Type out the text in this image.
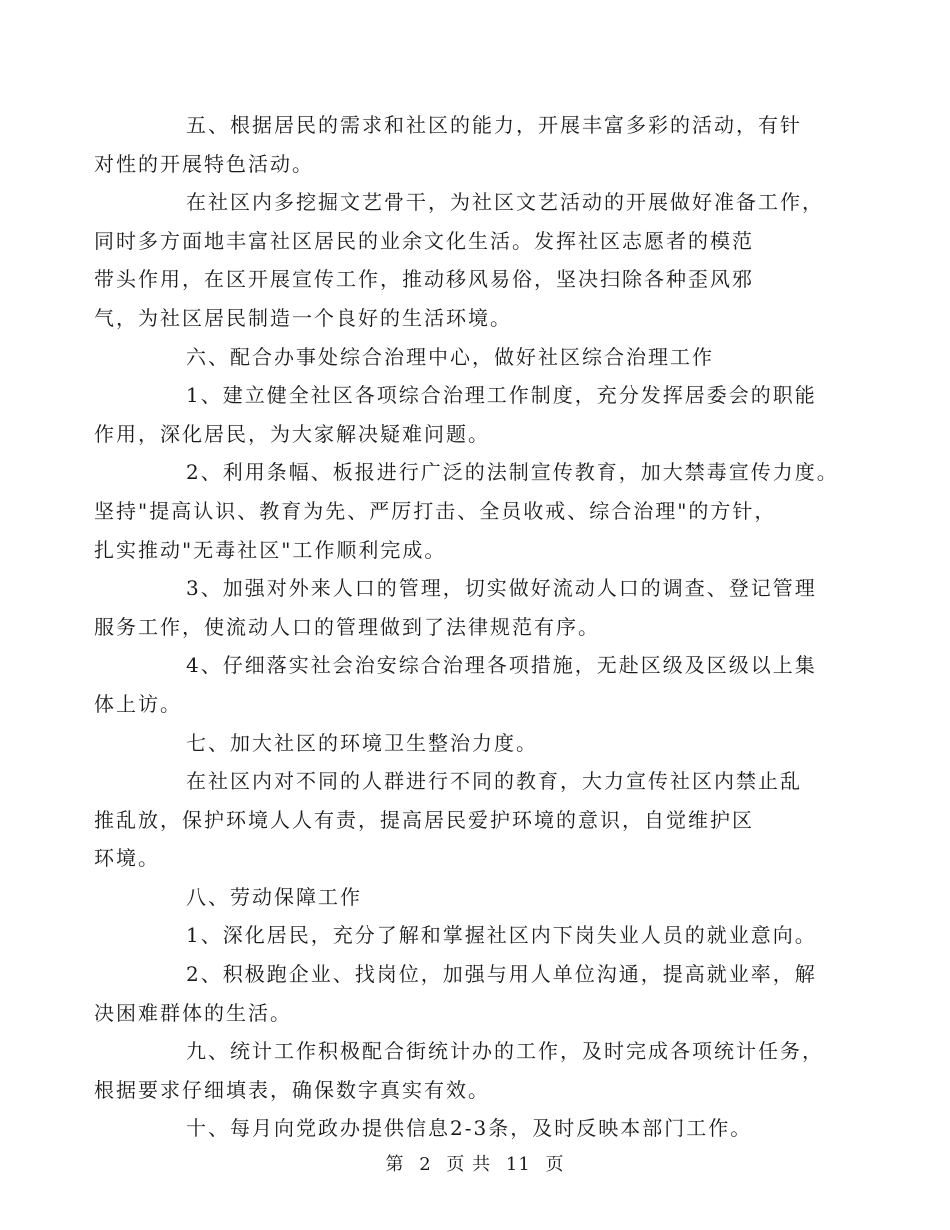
五、根据居民的需求和社区的能力，开展丰富多彩的活动，有针
对性的开展特色活动。

在社区内多挖掘文艺骨干，为社区文艺活动的开展做好准备工作，
同时多方面地丰富社区居民的业余文化生活。发挥社区志愿者的模范
带头作用，在区开展宣传工作，推动移风易俗，坚决扫除各种歪风邪
气，为社区居民制造一个良好的生活环境。

六、配合办事处综合治理中心，做好社区综合治理工作

1、建立健全社区各项综合治理工作制度，充分发挥居委会的职能
作用，深化居民，为大家解决疑难问题。

2、利用条幅、板报进行广泛的法制宣传教育，加大禁毒宣传力度。
坚持"提高认识、教育为先、严厉打击、全员收戒、综合治理"的方针，
扎实推动"无毒社区"工作顺利完成。

3、加强对外来人口的管理，切实做好流动人口的调查、登记管理
服务工作，使流动人口的管理做到了法律规范有序。

4、仔细落实社会治安综合治理各项措施，无赴区级及区级以上集
体上访。

七、加大社区的环境卫生整治力度。

在社区内对不同的人群进行不同的教育，大力宣传社区内禁止乱
推乱放，保护环境人人有责，提高居民爱护环境的意识，自觉维护区
环境。

八、劳动保障工作

1、深化居民，充分了解和掌握社区内下岗失业人员的就业意向。

2、积极跑企业、找岗位，加强与用人单位沟通，提高就业率，解
决困难群体的生活。

九、统计工作积极配合街统计办的工作，及时完成各项统计任务，
根据要求仔细填表，确保数字真实有效。

十、每月向党政办提供信息2-3条，及时反映本部门工作。

第 2 页 共 11 页
